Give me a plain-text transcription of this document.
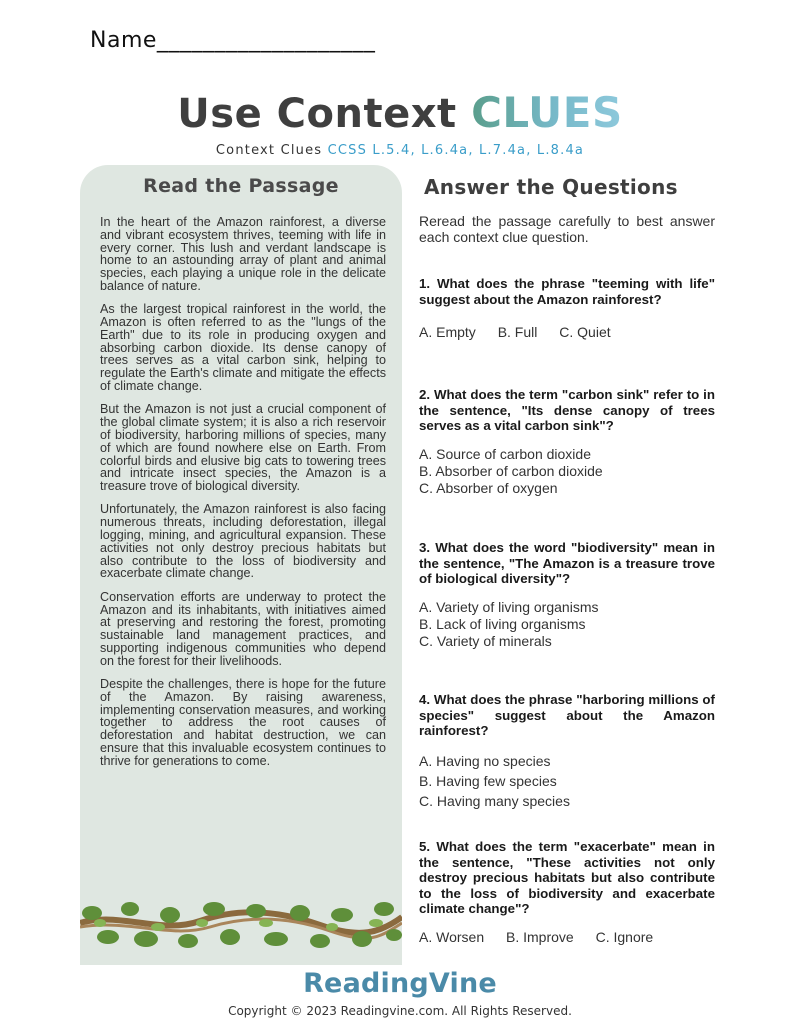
Name___________________
Use Context CLUES
Context Clues CCSS L.5.4, L.6.4a, L.7.4a, L.8.4a
Read the Passage

In the heart of the Amazon rainforest, a diverse and vibrant ecosystem thrives, teeming with life in every corner. This lush and verdant landscape is home to an astounding array of plant and animal species, each playing a unique role in the delicate balance of nature.

As the largest tropical rainforest in the world, the Amazon is often referred to as the "lungs of the Earth" due to its role in producing oxygen and absorbing carbon dioxide. Its dense canopy of trees serves as a vital carbon sink, helping to regulate the Earth's climate and mitigate the effects of climate change.

But the Amazon is not just a crucial component of the global climate system; it is also a rich reservoir of biodiversity, harboring millions of species, many of which are found nowhere else on Earth. From colorful birds and elusive big cats to towering trees and intricate insect species, the Amazon is a treasure trove of biological diversity.

Unfortunately, the Amazon rainforest is also facing numerous threats, including deforestation, illegal logging, mining, and agricultural expansion. These activities not only destroy precious habitats but also contribute to the loss of biodiversity and exacerbate climate change.

Conservation efforts are underway to protect the Amazon and its inhabitants, with initiatives aimed at preserving and restoring the forest, promoting sustainable land management practices, and supporting indigenous communities who depend on the forest for their livelihoods.

Despite the challenges, there is hope for the future of the Amazon. By raising awareness, implementing conservation measures, and working together to address the root causes of deforestation and habitat destruction, we can ensure that this invaluable ecosystem continues to thrive for generations to come.

Answer the Questions
Reread the passage carefully to best answer each context clue question.
1. What does the phrase "teeming with life" suggest about the Amazon rainforest?
A. Empty B. Full C. Quiet
2. What does the term "carbon sink" refer to in the sentence, "Its dense canopy of trees serves as a vital carbon sink"?
A. Source of carbon dioxide
B. Absorber of carbon dioxide
C. Absorber of oxygen
3. What does the word "biodiversity" mean in the sentence, "The Amazon is a treasure trove of biological diversity"?
A. Variety of living organisms
B. Lack of living organisms
C. Variety of minerals
4. What does the phrase "harboring millions of species" suggest about the Amazon rainforest?
A. Having no species
B. Having few species
C. Having many species
5. What does the term "exacerbate" mean in the sentence, "These activities not only destroy precious habitats but also contribute to the loss of biodiversity and exacerbate climate change"?
A. Worsen B. Improve C. Ignore
ReadingVine
Copyright © 2023 Readingvine.com. All Rights Reserved.
